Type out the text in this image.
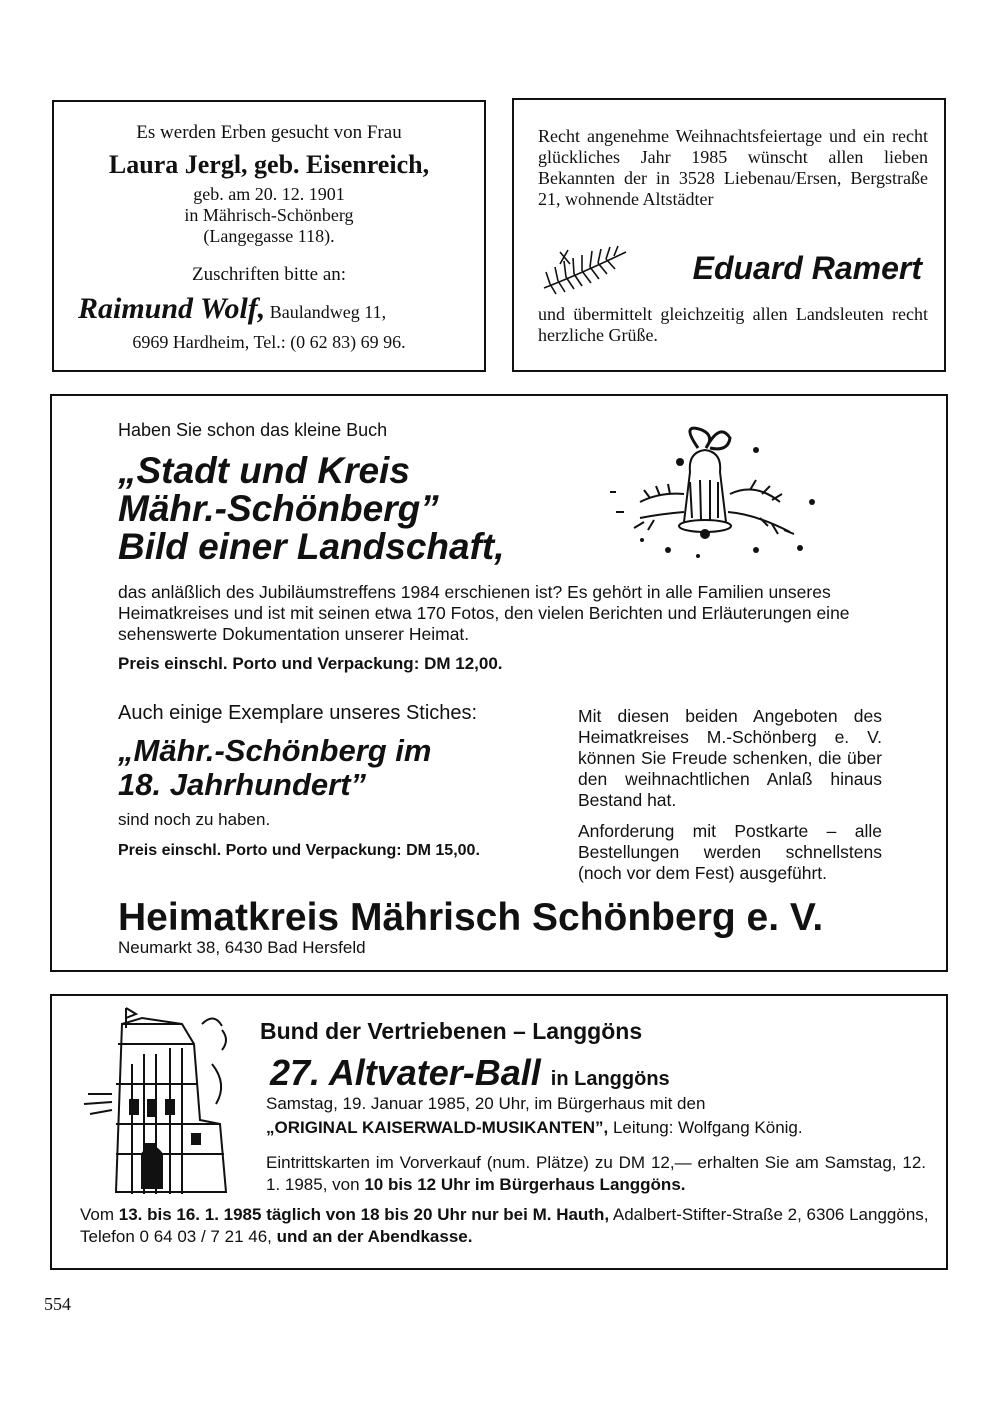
Es werden Erben gesucht von Frau
Laura Jergl, geb. Eisenreich,
geb. am 20. 12. 1901
in Mährisch-Schönberg
(Langegasse 118).
Zuschriften bitte an:
Raimund Wolf, Baulandweg 11,
6969 Hardheim, Tel.: (0 62 83) 69 96.
Recht angenehme Weihnachtsfeiertage und ein recht glückliches Jahr 1985 wünscht allen lieben Bekannten der in 3528 Liebenau/Ersen, Bergstraße 21, wohnende Altstädter
Eduard Ramert
und übermittelt gleichzeitig allen Landsleuten recht herzliche Grüße.
Haben Sie schon das kleine Buch
„Stadt und Kreis
Mähr.-Schönberg”
Bild einer Landschaft,
das anläßlich des Jubiläumstreffens 1984 erschienen ist? Es gehört in alle Familien unseres Heimatkreises und ist mit seinen etwa 170 Fotos, den vielen Berichten und Erläuterungen eine sehenswerte Dokumentation unserer Heimat.
Preis einschl. Porto und Verpackung: DM 12,00.
Auch einige Exemplare unseres Stiches:
„Mähr.-Schönberg im
18. Jahrhundert”
sind noch zu haben.
Preis einschl. Porto und Verpackung: DM 15,00.
Mit diesen beiden Angeboten des Heimatkreises M.-Schönberg e. V. können Sie Freude schenken, die über den weihnachtlichen Anlaß hinaus Bestand hat.
Anforderung mit Postkarte – alle Bestellungen werden schnellstens (noch vor dem Fest) ausgeführt.
Heimatkreis Mährisch Schönberg e. V.
Neumarkt 38, 6430 Bad Hersfeld
Bund der Vertriebenen – Langgöns
27. Altvater-Ball in Langgöns
Samstag, 19. Januar 1985, 20 Uhr, im Bürgerhaus mit den
„ORIGINAL KAISERWALD-MUSIKANTEN”, Leitung: Wolfgang König.
Eintrittskarten im Vorverkauf (num. Plätze) zu DM 12,— erhalten Sie am Samstag, 12. 1. 1985, von 10 bis 12 Uhr im Bürgerhaus Langgöns.
Vom 13. bis 16. 1. 1985 täglich von 18 bis 20 Uhr nur bei M. Hauth, Adalbert-Stifter-Straße 2, 6306 Langgöns, Telefon 0 64 03 / 7 21 46, und an der Abendkasse.
554
